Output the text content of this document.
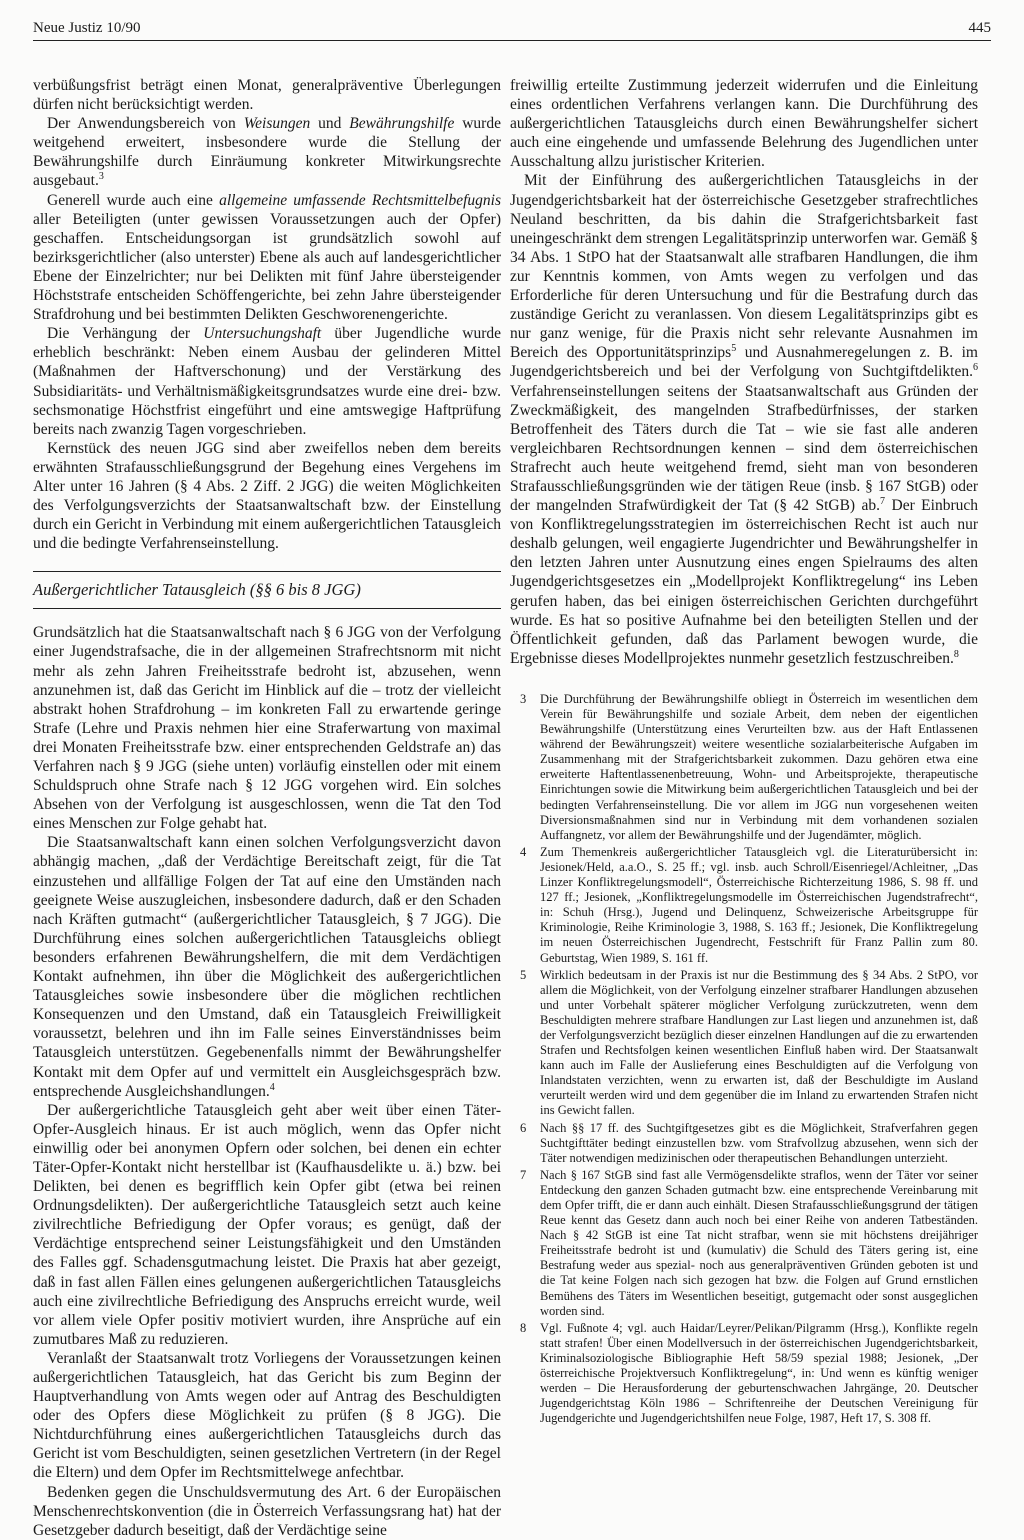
Neue Justiz 10/90	445

verbüßungsfrist beträgt einen Monat, generalpräventive Überlegungen dürfen nicht berücksichtigt werden.

Der Anwendungsbereich von Weisungen und Bewährungshilfe wurde weitgehend erweitert, insbesondere wurde die Stellung der Bewährungshilfe durch Einräumung konkreter Mitwirkungsrechte ausgebaut.$^3$

Generell wurde auch eine allgemeine umfassende Rechtsmittelbefugnis aller Beteiligten (unter gewissen Voraussetzungen auch der Opfer) geschaffen. Entscheidungsorgan ist grundsätzlich sowohl auf bezirksgerichtlicher (also unterster) Ebene als auch auf landesgerichtlicher Ebene der Einzelrichter; nur bei Delikten mit fünf Jahre übersteigender Höchststrafe entscheiden Schöffengerichte, bei zehn Jahre übersteigender Strafdrohung und bei bestimmten Delikten Geschworenengerichte.

Die Verhängung der Untersuchungshaft über Jugendliche wurde erheblich beschränkt: Neben einem Ausbau der gelinderen Mittel (Maßnahmen der Haftverschonung) und der Verstärkung des Subsidiaritäts- und Verhältnismäßigkeitsgrundsatzes wurde eine drei- bzw. sechsmonatige Höchstfrist eingeführt und eine amtswegige Haftprüfung bereits nach zwanzig Tagen vorgeschrieben.

Kernstück des neuen JGG sind aber zweifellos neben dem bereits erwähnten Strafausschließungsgrund der Begehung eines Vergehens im Alter unter 16 Jahren (§ 4 Abs. 2 Ziff. 2 JGG) die weiten Möglichkeiten des Verfolgungsverzichts der Staatsanwaltschaft bzw. der Einstellung durch ein Gericht in Verbindung mit einem außergerichtlichen Tatausgleich und die bedingte Verfahrenseinstellung.

Außergerichtlicher Tatausgleich (§§ 6 bis 8 JGG)

Grundsätzlich hat die Staatsanwaltschaft nach § 6 JGG von der Verfolgung einer Jugendstrafsache, die in der allgemeinen Strafrechtsnorm mit nicht mehr als zehn Jahren Freiheitsstrafe bedroht ist, abzusehen, wenn anzunehmen ist, daß das Gericht im Hinblick auf die – trotz der vielleicht abstrakt hohen Strafdrohung – im konkreten Fall zu erwartende geringe Strafe (Lehre und Praxis nehmen hier eine Straferwartung von maximal drei Monaten Freiheitsstrafe bzw. einer entsprechenden Geldstrafe an) das Verfahren nach § 9 JGG (siehe unten) vorläufig einstellen oder mit einem Schuldspruch ohne Strafe nach § 12 JGG vorgehen wird. Ein solches Absehen von der Verfolgung ist ausgeschlossen, wenn die Tat den Tod eines Menschen zur Folge gehabt hat.

Die Staatsanwaltschaft kann einen solchen Verfolgungsverzicht davon abhängig machen, „daß der Verdächtige Bereitschaft zeigt, für die Tat einzustehen und allfällige Folgen der Tat auf eine den Umständen nach geeignete Weise auszugleichen, insbesondere dadurch, daß er den Schaden nach Kräften gutmacht“ (außergerichtlicher Tatausgleich, § 7 JGG). Die Durchführung eines solchen außergerichtlichen Tatausgleichs obliegt besonders erfahrenen Bewährungshelfern, die mit dem Verdächtigen Kontakt aufnehmen, ihn über die Möglichkeit des außergerichtlichen Tatausgleiches sowie insbesondere über die möglichen rechtlichen Konsequenzen und den Umstand, daß ein Tatausgleich Freiwilligkeit voraussetzt, belehren und ihn im Falle seines Einverständnisses beim Tatausgleich unterstützen. Gegebenenfalls nimmt der Bewährungshelfer Kontakt mit dem Opfer auf und vermittelt ein Ausgleichsgespräch bzw. entsprechende Ausgleichshandlungen.$^4$

Der außergerichtliche Tatausgleich geht aber weit über einen Täter-Opfer-Ausgleich hinaus. Er ist auch möglich, wenn das Opfer nicht einwillig oder bei anonymen Opfern oder solchen, bei denen ein echter Täter-Opfer-Kontakt nicht herstellbar ist (Kaufhausdelikte u. ä.) bzw. bei Delikten, bei denen es begrifflich kein Opfer gibt (etwa bei reinen Ordnungsdelikten). Der außergerichtliche Tatausgleich setzt auch keine zivilrechtliche Befriedigung der Opfer voraus; es genügt, daß der Verdächtige entsprechend seiner Leistungsfähigkeit und den Umständen des Falles ggf. Schadensgutmachung leistet. Die Praxis hat aber gezeigt, daß in fast allen Fällen eines gelungenen außergerichtlichen Tatausgleichs auch eine zivilrechtliche Befriedigung des Anspruchs erreicht wurde, weil vor allem viele Opfer positiv motiviert wurden, ihre Ansprüche auf ein zumutbares Maß zu reduzieren.

Veranlaßt der Staatsanwalt trotz Vorliegens der Voraussetzungen keinen außergerichtlichen Tatausgleich, hat das Gericht bis zum Beginn der Hauptverhandlung von Amts wegen oder auf Antrag des Beschuldigten oder des Opfers diese Möglichkeit zu prüfen (§ 8 JGG). Die Nichtdurchführung eines außergerichtlichen Tatausgleichs durch das Gericht ist vom Beschuldigten, seinen gesetzlichen Vertretern (in der Regel die Eltern) und dem Opfer im Rechtsmittelwege anfechtbar.

Bedenken gegen die Unschuldsvermutung des Art. 6 der Europäischen Menschenrechtskonvention (die in Österreich Verfassungsrang hat) hat der Gesetzgeber dadurch beseitigt, daß der Verdächtige seine

freiwillig erteilte Zustimmung jederzeit widerrufen und die Einleitung eines ordentlichen Verfahrens verlangen kann. Die Durchführung des außergerichtlichen Tatausgleichs durch einen Bewährungshelfer sichert auch eine eingehende und umfassende Belehrung des Jugendlichen unter Ausschaltung allzu juristischer Kriterien.

Mit der Einführung des außergerichtlichen Tatausgleichs in der Jugendgerichtsbarkeit hat der österreichische Gesetzgeber strafrechtliches Neuland beschritten, da bis dahin die Strafgerichtsbarkeit fast uneingeschränkt dem strengen Legalitätsprinzip unterworfen war. Gemäß § 34 Abs. 1 StPO hat der Staatsanwalt alle strafbaren Handlungen, die ihm zur Kenntnis kommen, von Amts wegen zu verfolgen und das Erforderliche für deren Untersuchung und für die Bestrafung durch das zuständige Gericht zu veranlassen. Von diesem Legalitätsprinzips gibt es nur ganz wenige, für die Praxis nicht sehr relevante Ausnahmen im Bereich des Opportunitätsprinzips$^5$ und Ausnahmeregelungen z. B. im Jugendgerichtsbereich und bei der Verfolgung von Suchtgiftdelikten.$^6$ Verfahrenseinstellungen seitens der Staatsanwaltschaft aus Gründen der Zweckmäßigkeit, des mangelnden Strafbedürfnisses, der starken Betroffenheit des Täters durch die Tat – wie sie fast alle anderen vergleichbaren Rechtsordnungen kennen – sind dem österreichischen Strafrecht auch heute weitgehend fremd, sieht man von besonderen Strafausschließungsgründen wie der tätigen Reue (insb. § 167 StGB) oder der mangelnden Strafwürdigkeit der Tat (§ 42 StGB) ab.$^7$ Der Einbruch von Konfliktregelungsstrategien im österreichischen Recht ist auch nur deshalb gelungen, weil engagierte Jugendrichter und Bewährungshelfer in den letzten Jahren unter Ausnutzung eines engen Spielraums des alten Jugendgerichtsgesetzes ein „Modellprojekt Konfliktregelung“ ins Leben gerufen haben, das bei einigen österreichischen Gerichten durchgeführt wurde. Es hat so positive Aufnahme bei den beteiligten Stellen und der Öffentlichkeit gefunden, daß das Parlament bewogen wurde, die Ergebnisse dieses Modellprojektes nunmehr gesetzlich festzuschreiben.$^8$

3 Die Durchführung der Bewährungshilfe obliegt in Österreich im wesentlichen dem Verein für Bewährungshilfe und soziale Arbeit, dem neben der eigentlichen Bewährungshilfe (Unterstützung eines Verurteilten bzw. aus der Haft Entlassenen während der Bewährungszeit) weitere wesentliche sozialarbeiterische Aufgaben im Zusammenhang mit der Strafgerichtsbarkeit zukommen. Dazu gehören etwa eine erweiterte Haftentlassenenbetreuung, Wohn- und Arbeitsprojekte, therapeutische Einrichtungen sowie die Mitwirkung beim außergerichtlichen Tatausgleich und bei der bedingten Verfahrenseinstellung. Die vor allem im JGG nun vorgesehenen weiten Diversionsmaßnahmen sind nur in Verbindung mit dem vorhandenen sozialen Auffangnetz, vor allem der Bewährungshilfe und der Jugendämter, möglich.
4 Zum Themenkreis außergerichtlicher Tatausgleich vgl. die Literaturübersicht in: Jesionek/Held, a.a.O., S. 25 ff.; vgl. insb. auch Schroll/Eisenriegel/Achleitner, „Das Linzer Konfliktregelungsmodell“, Österreichische Richterzeitung 1986, S. 98 ff. und 127 ff.; Jesionek, „Konfliktregelungsmodelle im Österreichischen Jugendstrafrecht“, in: Schuh (Hrsg.), Jugend und Delinquenz, Schweizerische Arbeitsgruppe für Kriminologie, Reihe Kriminologie 3, 1988, S. 163 ff.; Jesionek, Die Konfliktregelung im neuen Österreichischen Jugendrecht, Festschrift für Franz Pallin zum 80. Geburtstag, Wien 1989, S. 161 ff.
5 Wirklich bedeutsam in der Praxis ist nur die Bestimmung des § 34 Abs. 2 StPO, vor allem die Möglichkeit, von der Verfolgung einzelner strafbarer Handlungen abzusehen und unter Vorbehalt späterer möglicher Verfolgung zurückzutreten, wenn dem Beschuldigten mehrere strafbare Handlungen zur Last liegen und anzunehmen ist, daß der Verfolgungsverzicht bezüglich dieser einzelnen Handlungen auf die zu erwartenden Strafen und Rechtsfolgen keinen wesentlichen Einfluß haben wird. Der Staatsanwalt kann auch im Falle der Auslieferung eines Beschuldigten auf die Verfolgung von Inlandstaten verzichten, wenn zu erwarten ist, daß der Beschuldigte im Ausland verurteilt werden wird und dem gegenüber die im Inland zu erwartenden Strafen nicht ins Gewicht fallen.
6 Nach §§ 17 ff. des Suchtgiftgesetzes gibt es die Möglichkeit, Strafverfahren gegen Suchtgifttäter bedingt einzustellen bzw. vom Strafvollzug abzusehen, wenn sich der Täter notwendigen medizinischen oder therapeutischen Behandlungen unterzieht.
7 Nach § 167 StGB sind fast alle Vermögensdelikte straflos, wenn der Täter vor seiner Entdeckung den ganzen Schaden gutmacht bzw. eine entsprechende Vereinbarung mit dem Opfer trifft, die er dann auch einhält. Diesen Strafausschließungsgrund der tätigen Reue kennt das Gesetz dann auch noch bei einer Reihe von anderen Tatbeständen. Nach § 42 StGB ist eine Tat nicht strafbar, wenn sie mit höchstens dreijähriger Freiheitsstrafe bedroht ist und (kumulativ) die Schuld des Täters gering ist, eine Bestrafung weder aus spezial- noch aus generalpräventiven Gründen geboten ist und die Tat keine Folgen nach sich gezogen hat bzw. die Folgen auf Grund ernstlichen Bemühens des Täters im Wesentlichen beseitigt, gutgemacht oder sonst ausgeglichen worden sind.
8 Vgl. Fußnote 4; vgl. auch Haidar/Leyrer/Pelikan/Pilgramm (Hrsg.), Konflikte regeln statt strafen! Über einen Modellversuch in der österreichischen Jugendgerichtsbarkeit, Kriminalsoziologische Bibliographie Heft 58/59 spezial 1988; Jesionek, „Der österreichische Projektversuch Konfliktregelung“, in: Und wenn es künftig weniger werden – Die Herausforderung der geburtenschwachen Jahrgänge, 20. Deutscher Jugendgerichtstag Köln 1986 – Schriftenreihe der Deutschen Vereinigung für Jugendgerichte und Jugendgerichtshilfen neue Folge, 1987, Heft 17, S. 308 ff.
